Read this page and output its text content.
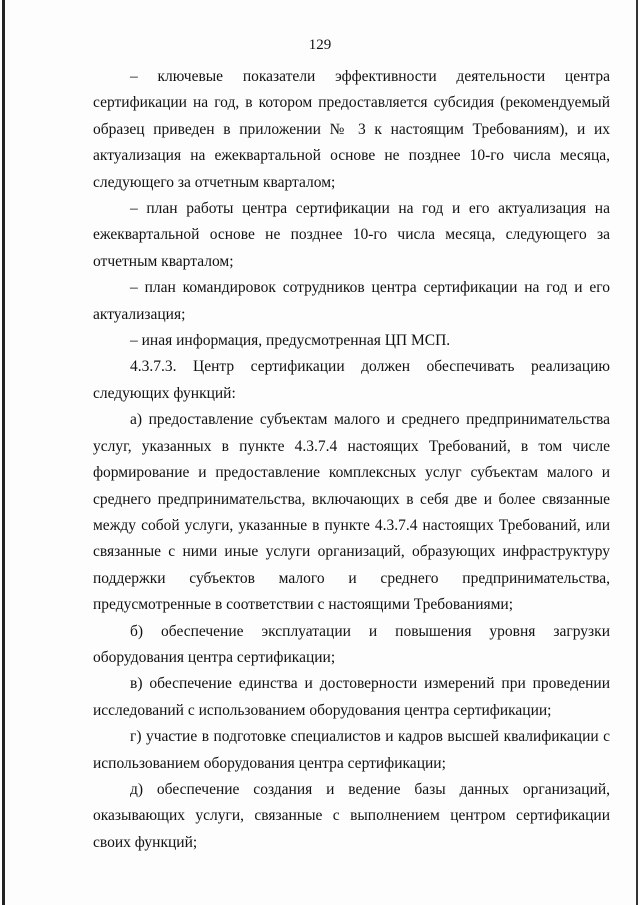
129

– ключевые показатели эффективности деятельности центра сертификации на год, в котором предоставляется субсидия (рекомендуемый образец приведен в приложении № 3 к настоящим Требованиям), и их актуализация на ежеквартальной основе не позднее 10-го числа месяца, следующего за отчетным кварталом;

– план работы центра сертификации на год и его актуализация на ежеквартальной основе не позднее 10-го числа месяца, следующего за отчетным кварталом;

– план командировок сотрудников центра сертификации на год и его актуализация;

– иная информация, предусмотренная ЦП МСП.

4.3.7.3. Центр сертификации должен обеспечивать реализацию следующих функций:

а) предоставление субъектам малого и среднего предпринимательства услуг, указанных в пункте 4.3.7.4 настоящих Требований, в том числе формирование и предоставление комплексных услуг субъектам малого и среднего предпринимательства, включающих в себя две и более связанные между собой услуги, указанные в пункте 4.3.7.4 настоящих Требований, или связанные с ними иные услуги организаций, образующих инфраструктуру поддержки субъектов малого и среднего предпринимательства, предусмотренные в соответствии с настоящими Требованиями;

б) обеспечение эксплуатации и повышения уровня загрузки оборудования центра сертификации;

в) обеспечение единства и достоверности измерений при проведении исследований с использованием оборудования центра сертификации;

г) участие в подготовке специалистов и кадров высшей квалификации с использованием оборудования центра сертификации;

д) обеспечение создания и ведение базы данных организаций, оказывающих услуги, связанные с выполнением центром сертификации своих функций;
